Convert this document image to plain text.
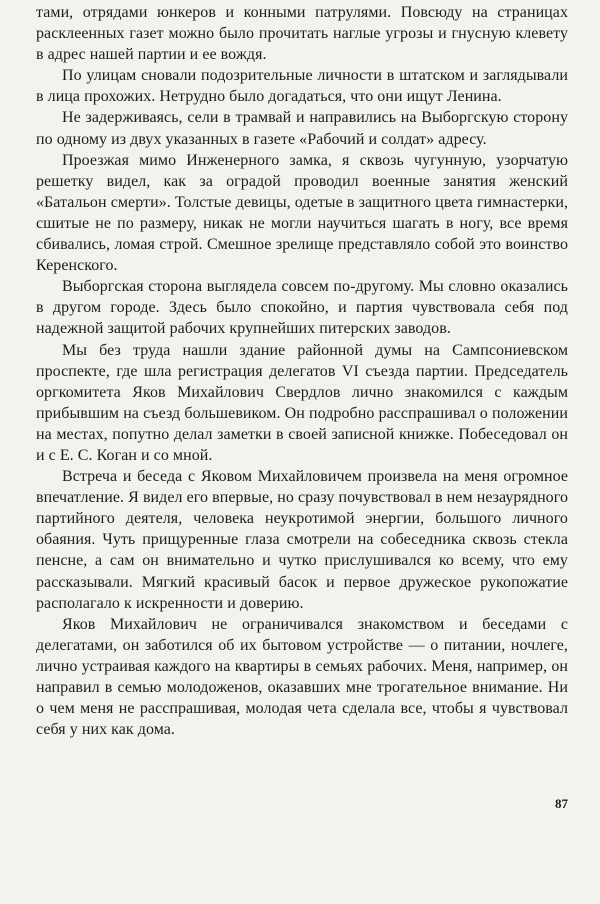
тами, отрядами юнкеров и конными патрулями. Повсюду на страницах расклеенных газет можно было прочитать наглые угрозы и гнусную клевету в адрес нашей партии и ее вождя.

По улицам сновали подозрительные личности в штатском и заглядывали в лица прохожих. Нетрудно было догадаться, что они ищут Ленина.

Не задерживаясь, сели в трамвай и направились на Выборгскую сторону по одному из двух указанных в газете «Рабочий и солдат» адресу.

Проезжая мимо Инженерного замка, я сквозь чугунную, узорчатую решетку видел, как за оградой проводил военные занятия женский «Батальон смерти». Толстые девицы, одетые в защитного цвета гимнастерки, сшитые не по размеру, никак не могли научиться шагать в ногу, все время сбивались, ломая строй. Смешное зрелище представляло собой это воинство Керенского.

Выборгская сторона выглядела совсем по-другому. Мы словно оказались в другом городе. Здесь было спокойно, и партия чувствовала себя под надежной защитой рабочих крупнейших питерских заводов.

Мы без труда нашли здание районной думы на Сампсониевском проспекте, где шла регистрация делегатов VI съезда партии. Председатель оргкомитета Яков Михайлович Свердлов лично знакомился с каждым прибывшим на съезд большевиком. Он подробно расспрашивал о положении на местах, попутно делал заметки в своей записной книжке. Побеседовал он и с Е. С. Коган и со мной.

Встреча и беседа с Яковом Михайловичем произвела на меня огромное впечатление. Я видел его впервые, но сразу почувствовал в нем незаурядного партийного деятеля, человека неукротимой энергии, большого личного обаяния. Чуть прищуренные глаза смотрели на собеседника сквозь стекла пенсне, а сам он внимательно и чутко прислушивался ко всему, что ему рассказывали. Мягкий красивый басок и первое дружеское рукопожатие располагало к искренности и доверию.

Яков Михайлович не ограничивался знакомством и беседами с делегатами, он заботился об их бытовом устройстве — о питании, ночлеге, лично устраивая каждого на квартиры в семьях рабочих. Меня, например, он направил в семью молодоженов, оказавших мне трогательное внимание. Ни о чем меня не расспрашивая, молодая чета сделала все, чтобы я чувствовал себя у них как дома.

87
